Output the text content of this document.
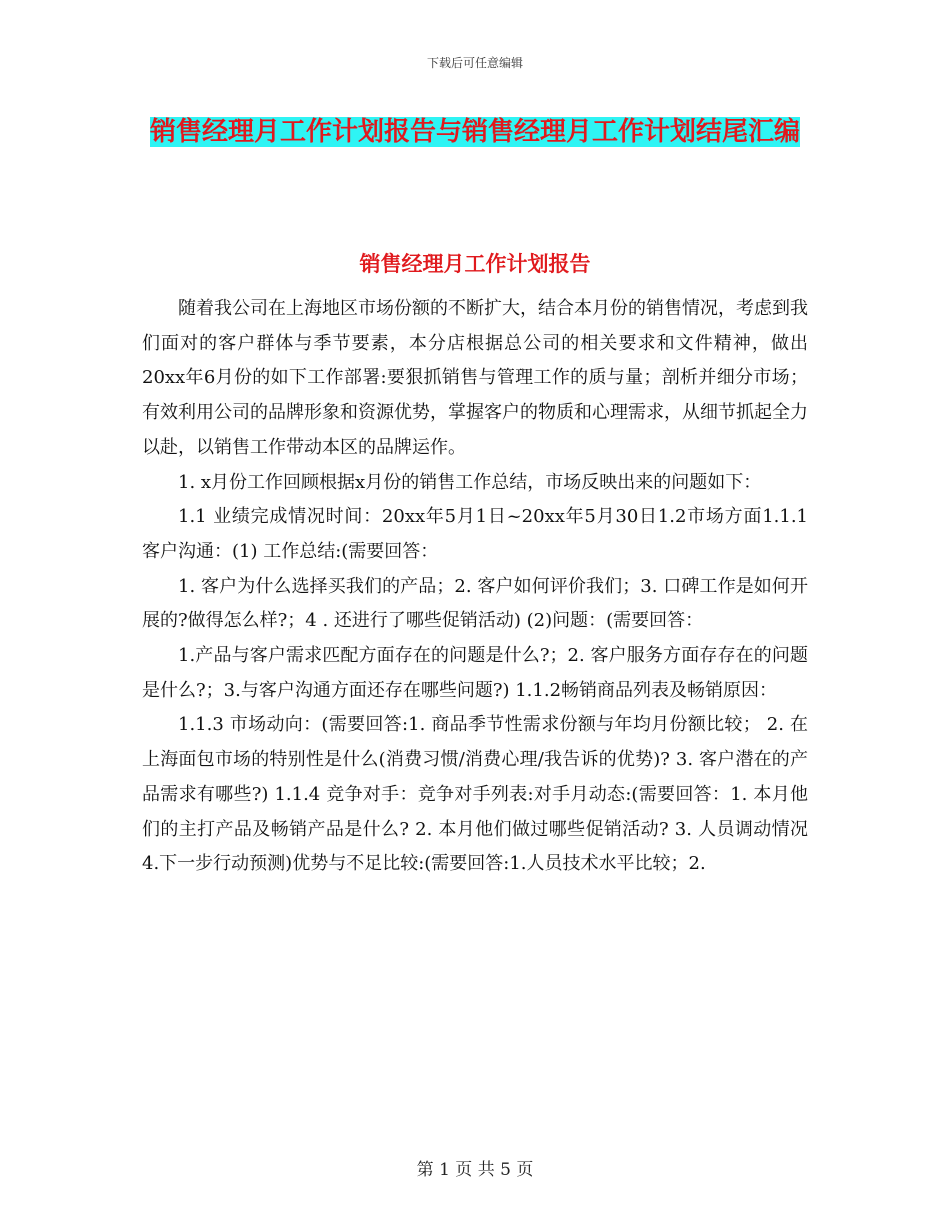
下载后可任意编辑
销售经理月工作计划报告与销售经理月工作计划结尾汇编
销售经理月工作计划报告

随着我公司在上海地区市场份额的不断扩大，结合本月份的销售情况，考虑到我们面对的客户群体与季节要素，本分店根据总公司的相关要求和文件精神，做出20xx年6月份的如下工作部署:要狠抓销售与管理工作的质与量；剖析并细分市场；有效利用公司的品牌形象和资源优势，掌握客户的物质和心理需求，从细节抓起全力以赴，以销售工作带动本区的品牌运作。

1. x月份工作回顾根据x月份的销售工作总结，市场反映出来的问题如下：

1.1 业绩完成情况时间：20xx年5月1日~20xx年5月30日1.2市场方面1.1.1 客户沟通：(1) 工作总结:(需要回答：

1. 客户为什么选择买我们的产品；2. 客户如何评价我们；3. 口碑工作是如何开展的?做得怎么样?；4 . 还进行了哪些促销活动) (2)问题：(需要回答：

1.产品与客户需求匹配方面存在的问题是什么?；2. 客户服务方面存存在的问题是什么?；3.与客户沟通方面还存在哪些问题?) 1.1.2畅销商品列表及畅销原因：

1.1.3 市场动向：(需要回答:1. 商品季节性需求份额与年均月份额比较； 2. 在上海面包市场的特别性是什么(消费习惯/消费心理/我告诉的优势)? 3. 客户潜在的产品需求有哪些?) 1.1.4 竞争对手：竞争对手列表:对手月动态:(需要回答：1. 本月他们的主打产品及畅销产品是什么? 2. 本月他们做过哪些促销活动? 3. 人员调动情况 4.下一步行动预测)优势与不足比较:(需要回答:1.人员技术水平比较；2.

第 1 页 共 5 页
